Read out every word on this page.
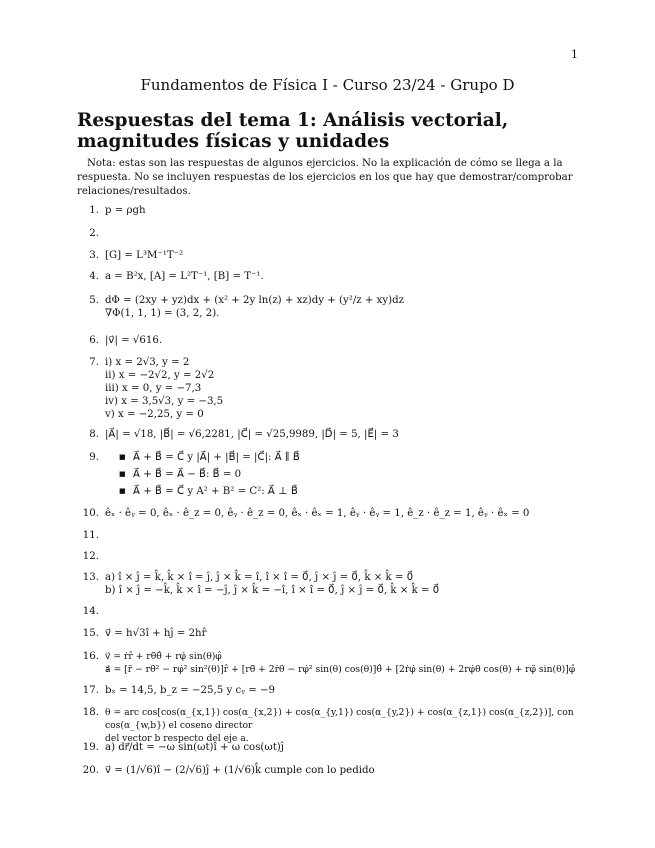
1
Fundamentos de Física I - Curso 23/24 - Grupo D
Respuestas del tema 1: Análisis vectorial, magnitudes físicas y unidades
Nota: estas son las respuestas de algunos ejercicios. No la explicación de cómo se llega a la respuesta. No se incluyen respuestas de los ejercicios en los que hay que demostrar/comprobar relaciones/resultados.
1. p = ρgh
2.
3. [G] = L³M⁻¹T⁻²
4. a = B²x, [A] = L²T⁻¹, [B] = T⁻¹.
5. dΦ = (2xy + yz)dx + (x² + 2y ln(z) + xz)dy + (y²/z + xy)dz
∇Φ(1, 1, 1) = (3, 2, 2).
6. |v⃗| = √616.
7. i) x = 2√3, y = 2
ii) x = −2√2, y = 2√2
iii) x = 0, y = −7,3
iv) x = 3,5√3, y = −3,5
v) x = −2,25, y = 0
8. |A⃗| = √18, |B⃗| = √6,2281, |C⃗| = √25,9989, |D⃗| = 5, |E⃗| = 3
9.
■	A⃗ + B⃗ = C⃗ y |A⃗| + |B⃗| = |C⃗|: A⃗ ∥ B⃗
■ A⃗ + B⃗ = A⃗ − B⃗: B⃗ = 0
■ A⃗ + B⃗ = C⃗ y A² + B² = C²: A⃗ ⊥ B⃗
10. êₓ · êᵧ = 0, êₓ · ê_z = 0, êᵧ · ê_z = 0, êₓ · êₓ = 1, êᵧ · êᵧ = 1, ê_z · ê_z = 1, êᵧ · êₓ = 0
11.
12.
13. a) î × ĵ = k̂, k̂ × î = ĵ, ĵ × k̂ = î, î × î = 0⃗, ĵ × ĵ = 0⃗, k̂ × k̂ = 0⃗
b) î × ĵ = −k̂, k̂ × î = −ĵ, ĵ × k̂ = −î, î × î = 0⃗, ĵ × ĵ = 0⃗, k̂ × k̂ = 0⃗
14.
15. v⃗ = h√3î + hĵ = 2hr̂
16. v⃗ = ṙr̂ + rθ̇θ̂ + rφ̇ sin(θ)φ̂
a⃗ = [r̈ − rθ̇² − rφ̇² sin²(θ)]r̂ + [rθ̈ + 2ṙθ̇ − rφ̇² sin(θ) cos(θ)]θ̂ + [2ṙφ̇ sin(θ) + 2rφ̇θ̇ cos(θ) + rφ̈ sin(θ)]φ̂
17. bₓ = 14,5, b_z = −25,5 y cᵧ = −9
18. θ = arc cos[cos(α_{x,1}) cos(α_{x,2}) + cos(α_{y,1}) cos(α_{y,2}) + cos(α_{z,1}) cos(α_{z,2})], con cos(α_{w,b}) el coseno director
del vector b respecto del eje a.
19. a) dr⃗/dt = −ω sin(ωt)î + ω cos(ωt)ĵ
20. v⃗ = (1/√6)î − (2/√6)ĵ + (1/√6)k̂ cumple con lo pedido
